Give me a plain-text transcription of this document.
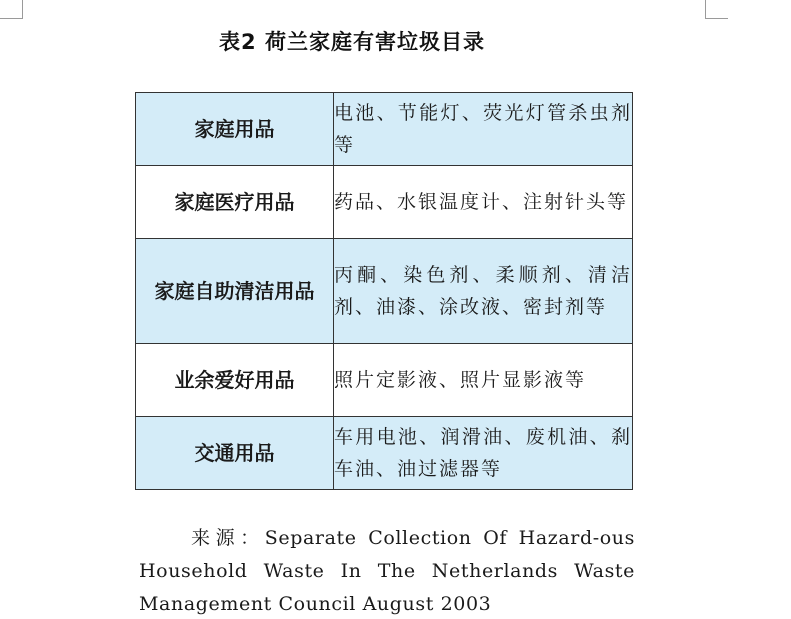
表2 荷兰家庭有害垃圾目录
家庭用品	电池、节能灯、荧光灯管杀虫剂等
家庭医疗用品	药品、水银温度计、注射针头等
家庭自助清洁用品	丙酮、染色剂、柔顺剂、清洁剂、油漆、涂改液、密封剂等
业余爱好用品	照片定影液、照片显影液等
交通用品	车用电池、润滑油、废机油、刹车油、油过滤器等
来源：Separate Collection Of Hazard-ous Household Waste In The Netherlands Waste Management Council August 2003
